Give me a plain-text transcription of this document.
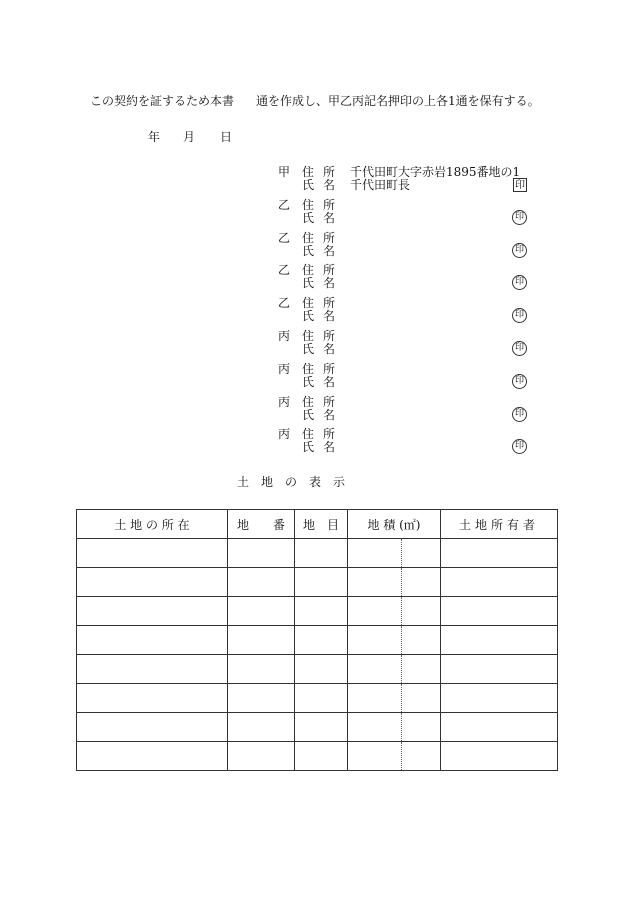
この契約を証するため本書 通を作成し、甲乙丙記名押印の上各1通を保有する。
年 月 日
甲 住所 千代田町大字赤岩1895番地の1
氏名 千代田町長	印
乙 住所
氏名	印
乙 住所
氏名	印
乙 住所
氏名	印
乙 住所
氏名	印
丙 住所
氏名	印
丙 住所
氏名	印
丙 住所
氏名	印
丙 住所
氏名	印
土　地　の　表　示
土 地 の 所 在	地　　番	地　目	地 積 (㎡)		土地所有者
